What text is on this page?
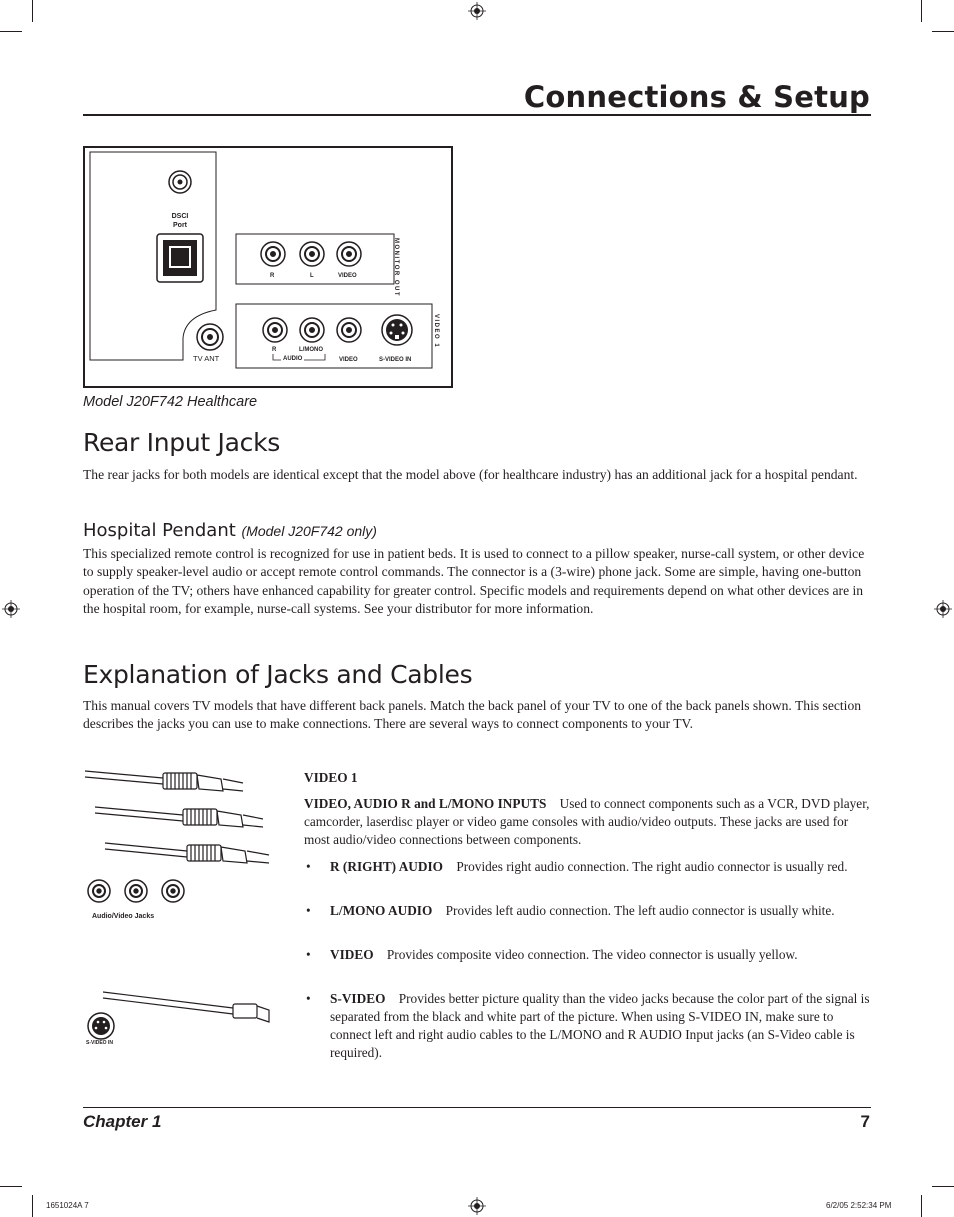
Connections & Setup
DSCI
Port
TV ANT
MONITOR OUT
R	L	VIDEO
VIDEO 1
R	L/MONO
AUDIO	VIDEO	S-VIDEO IN
Model J20F742 Healthcare
Rear Input Jacks

The rear jacks for both models are identical except that the model above (for healthcare industry) has an additional jack for a hospital pendant.

Hospital Pendant (Model J20F742 only)

This specialized remote control is recognized for use in patient beds. It is used to connect to a pillow speaker, nurse-call system, or other device to supply speaker-level audio or accept remote control commands. The connector is a (3-wire) phone jack. Some are simple, having one-button operation of the TV; others have enhanced capability for greater control. Specific models and requirements depend on what other devices are in the hospital room, for example, nurse-call systems. See your distributor for more information.

Explanation of Jacks and Cables

This manual covers TV models that have different back panels. Match the back panel of your TV to one of the back panels shown. This section describes the jacks you can use to make connections. There are several ways to connect components to your TV.

Audio/Video Jacks
S-VIDEO IN
VIDEO 1
VIDEO, AUDIO R and L/MONO INPUTS Used to connect components such as a VCR, DVD player, camcorder, laserdisc player or video game consoles with audio/video outputs. These jacks are used for most audio/video connections between components.
• R (RIGHT) AUDIO Provides right audio connection. The right audio connector is usually red.
• L/MONO AUDIO Provides left audio connection. The left audio connector is usually white.
• VIDEO Provides composite video connection. The video connector is usually yellow.
• S-VIDEO Provides better picture quality than the video jacks because the color part of the signal is separated from the black and white part of the picture. When using S-VIDEO IN, make sure to connect left and right audio cables to the L/MONO and R AUDIO Input jacks (an S-Video cable is required).
Chapter 1	7
1651024A 7	6/2/05 2:52:34 PM
